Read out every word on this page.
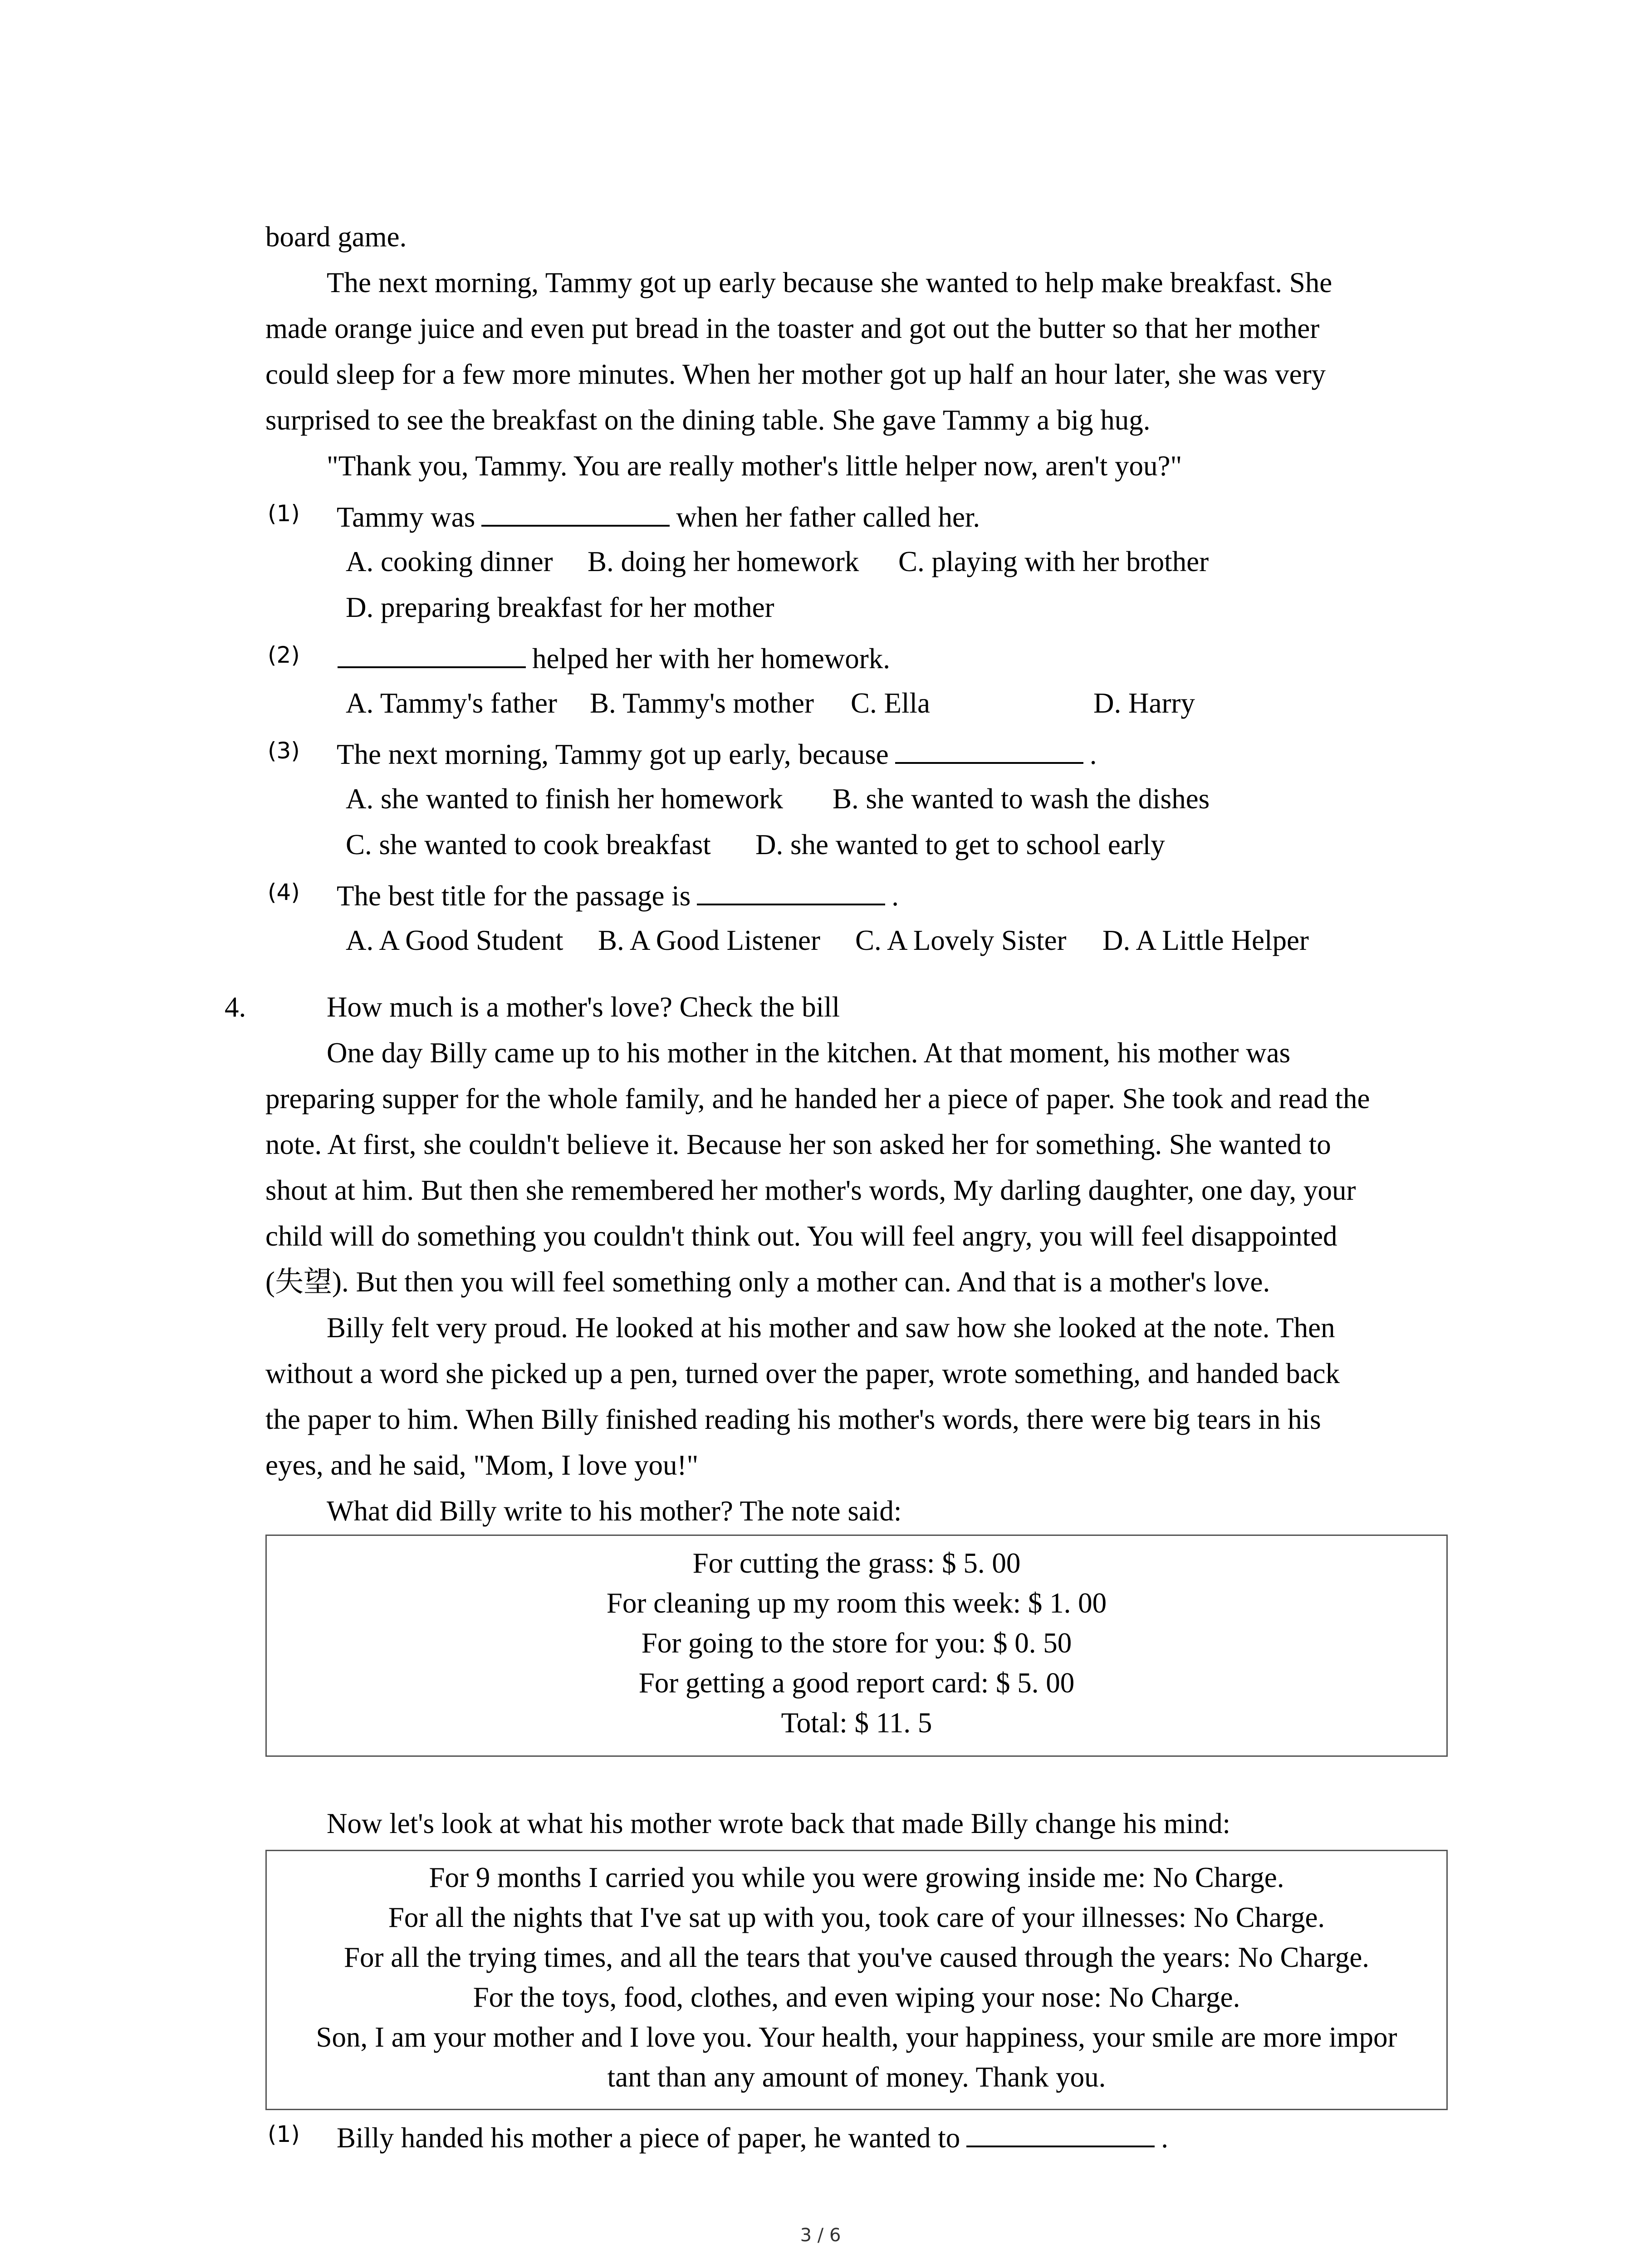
board game.

The next morning, Tammy got up early because she wanted to help make breakfast. She

made orange juice and even put bread in the toaster and got out the butter so that her mother

could sleep for a few more minutes. When her mother got up half an hour later, she was very

surprised to see the breakfast on the dining table. She gave Tammy a big hug.

"Thank you, Tammy. You are really mother's little helper now, aren't you?"

(1) Tammy was	when her father called her.

A. cooking dinner B. doing her homework C. playing with her brother
D. preparing breakfast for her mother
(2)	helped her with her homework.

A. Tammy's father B. Tammy's mother C. Ella	D. Harry
(3) The next morning, Tammy got up early, because	.

A. she wanted to finish her homework B. she wanted to wash the dishes
C. she wanted to cook breakfast D. she wanted to get to school early
(4) The best title for the passage is	.

A. A Good Student B. A Good Listener C. A Lovely Sister D. A Little Helper
4.	How much is a mother's love? Check the bill

One day Billy came up to his mother in the kitchen. At that moment, his mother was

preparing supper for the whole family, and he handed her a piece of paper. She took and read the

note. At first, she couldn't believe it. Because her son asked her for something. She wanted to

shout at him. But then she remembered her mother's words, My darling daughter, one day, your

child will do something you couldn't think out. You will feel angry, you will feel disappointed

(失望). But then you will feel something only a mother can. And that is a mother's love.

Billy felt very proud. He looked at his mother and saw how she looked at the note. Then

without a word she picked up a pen, turned over the paper, wrote something, and handed back

the paper to him. When Billy finished reading his mother's words, there were big tears in his

eyes, and he said, "Mom, I love you!"

What did Billy write to his mother? The note said:

For cutting the grass: $ 5. 00
For cleaning up my room this week: $ 1. 00
For going to the store for you: $ 0. 50
For getting a good report card: $ 5. 00
Total: $ 11. 5

Now let's look at what his mother wrote back that made Billy change his mind:

For 9 months I carried you while you were growing inside me: No Charge.
For all the nights that I've sat up with you, took care of your illnesses: No Charge.
For all the trying times, and all the tears that you've caused through the years: No Charge.
For the toys, food, clothes, and even wiping your nose: No Charge.
Son, I am your mother and I love you. Your health, your happiness, your smile are more impor
tant than any amount of money. Thank you.
(1) Billy handed his mother a piece of paper, he wanted to	.

3 / 6
